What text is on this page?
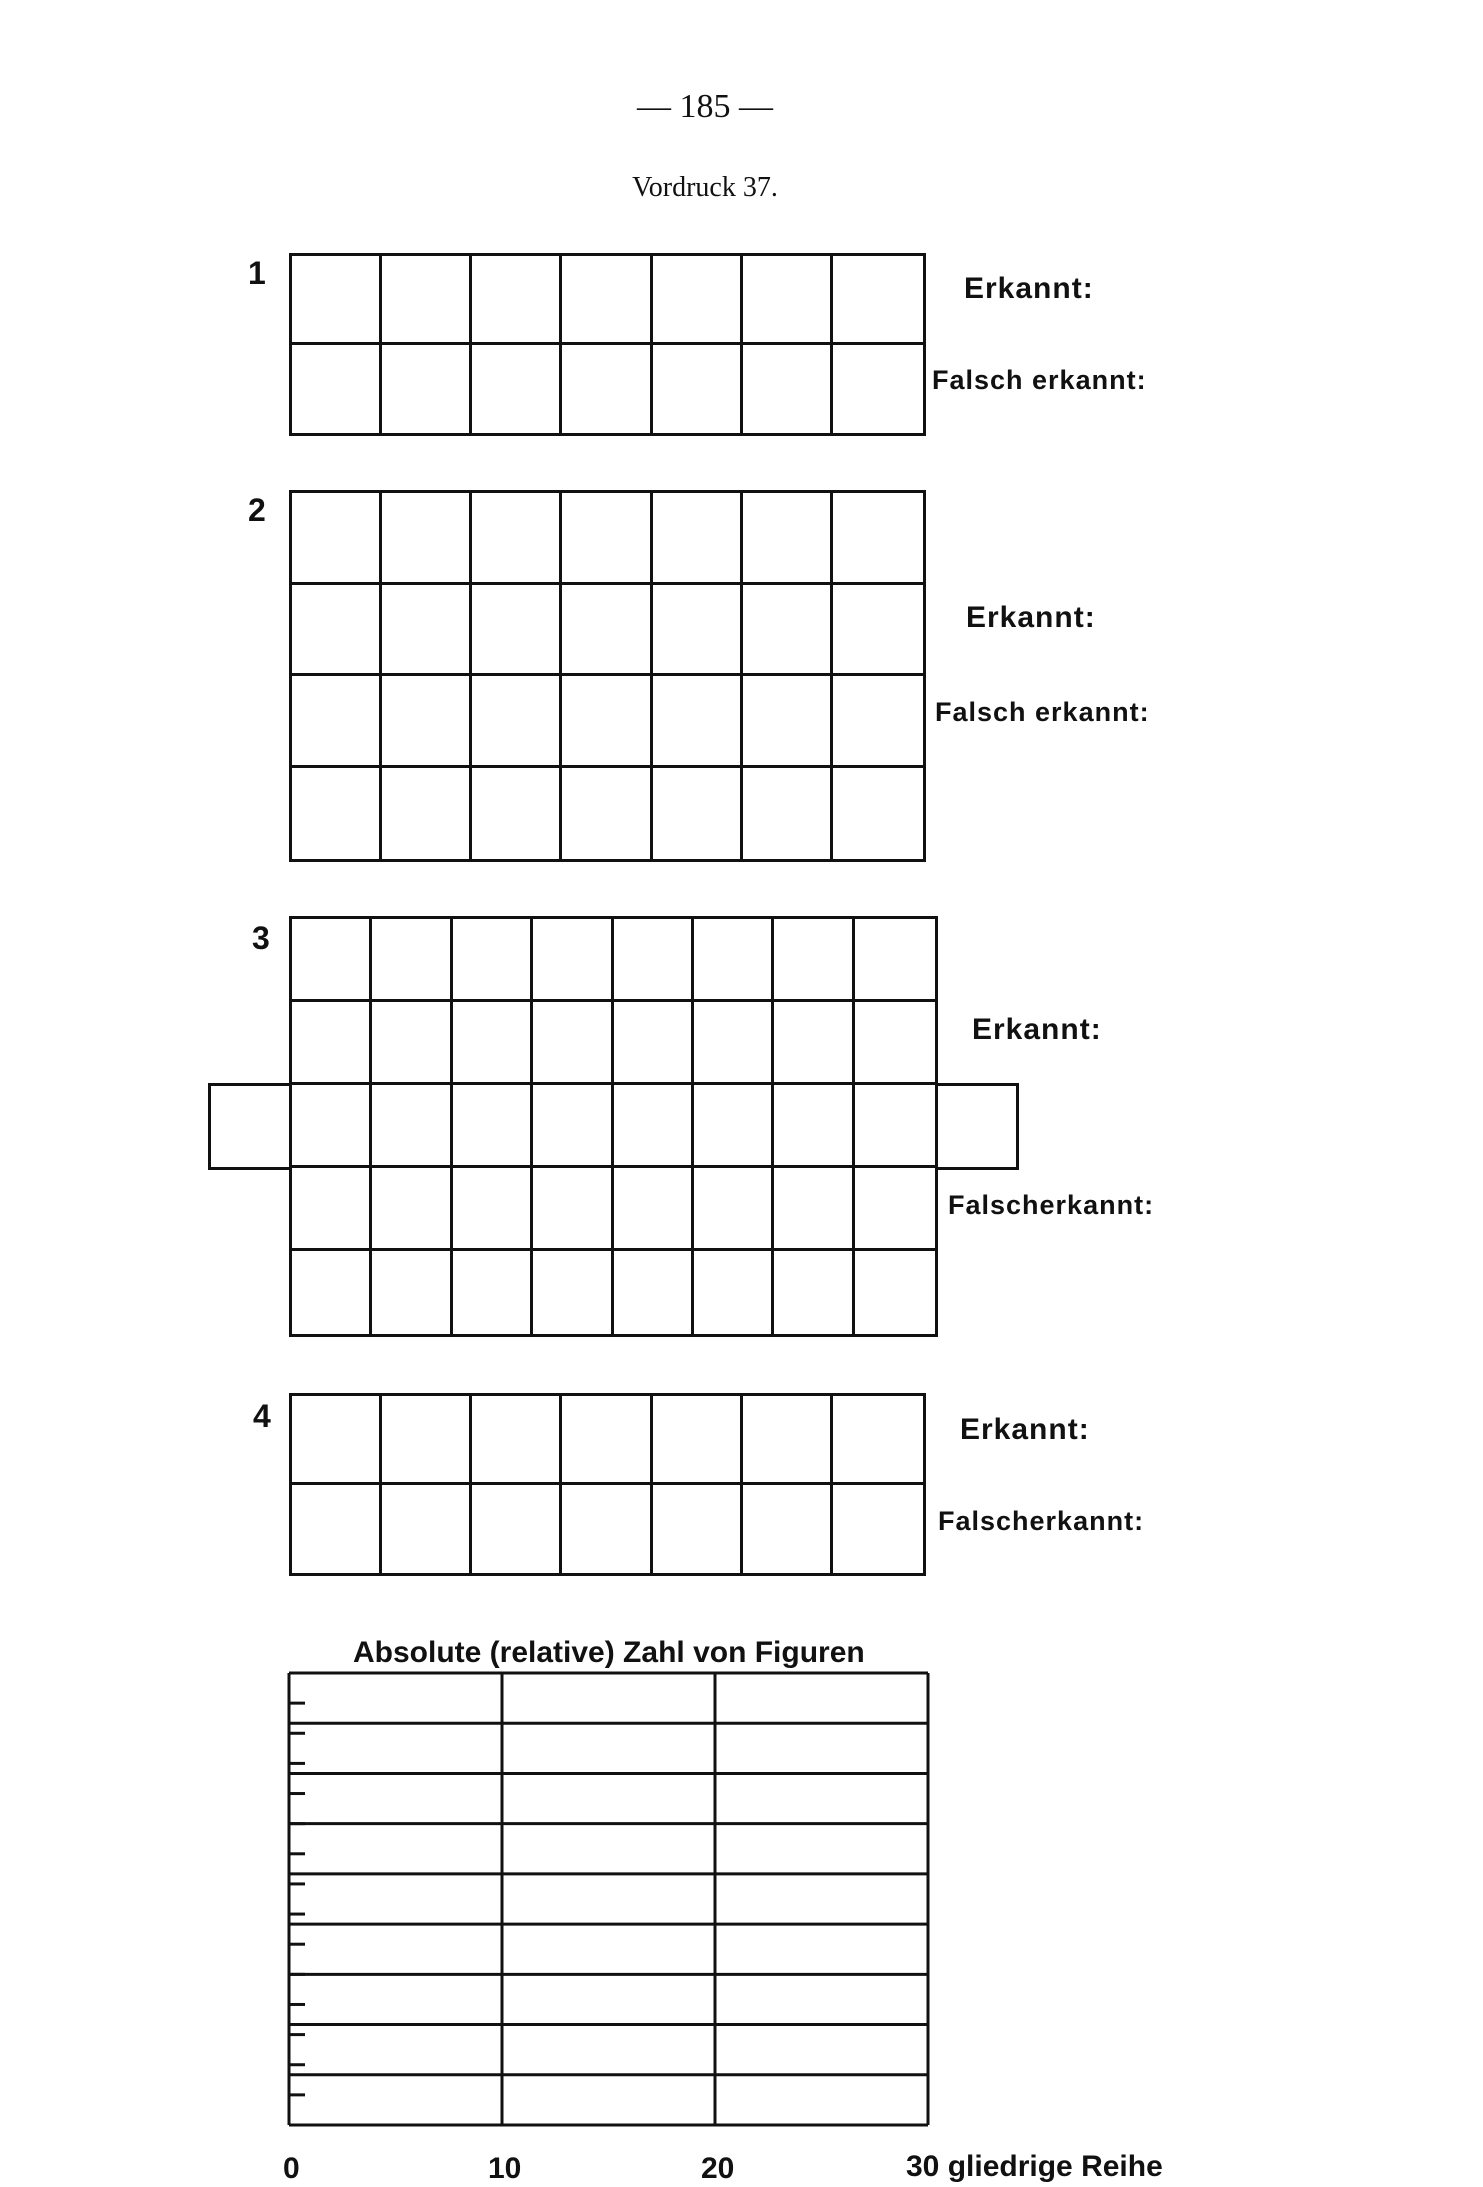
— 185 —
Vordruck 37.
1	Erkannt:
Falsch erkannt:
2
Erkannt:
Falsch erkannt:
3
Erkannt:
Falscherkannt:
4	Erkannt:
Falscherkannt:
Absolute (relative) Zahl von Figuren
0	10	20	30 gliedrige Reihe
